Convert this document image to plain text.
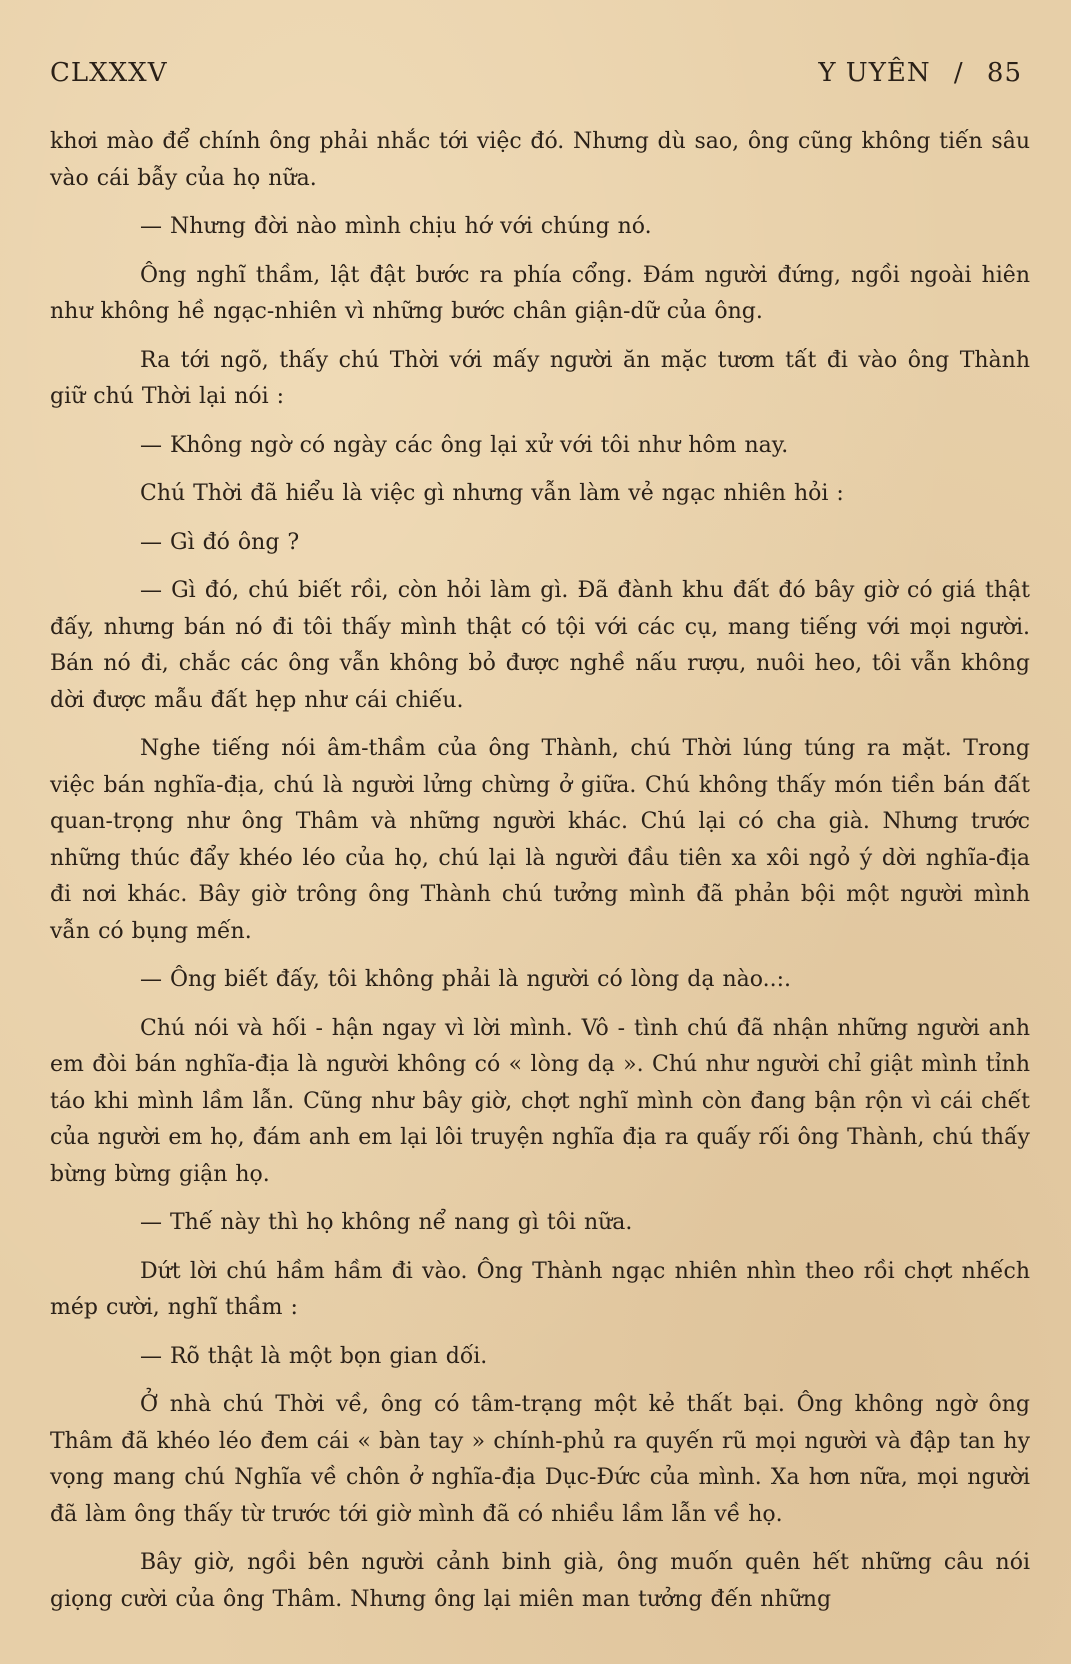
CLXXXV	Y UYÊN / 85

khơi mào để chính ông phải nhắc tới việc đó. Nhưng dù sao, ông cũng không tiến sâu vào cái bẫy của họ nữa.

— Nhưng đời nào mình chịu hớ với chúng nó.

Ông nghĩ thầm, lật đật bước ra phía cổng. Đám người đứng, ngồi ngoài hiên như không hề ngạc-nhiên vì những bước chân giận-dữ của ông.

Ra tới ngõ, thấy chú Thời với mấy người ăn mặc tươm tất đi vào ông Thành giữ chú Thời lại nói :

— Không ngờ có ngày các ông lại xử với tôi như hôm nay.

Chú Thời đã hiểu là việc gì nhưng vẫn làm vẻ ngạc nhiên hỏi :

— Gì đó ông ?

— Gì đó, chú biết rồi, còn hỏi làm gì. Đã đành khu đất đó bây giờ có giá thật đấy, nhưng bán nó đi tôi thấy mình thật có tội với các cụ, mang tiếng với mọi người. Bán nó đi, chắc các ông vẫn không bỏ được nghề nấu rượu, nuôi heo, tôi vẫn không dời được mẫu đất hẹp như cái chiếu.

Nghe tiếng nói âm-thầm của ông Thành, chú Thời lúng túng ra mặt. Trong việc bán nghĩa-địa, chú là người lửng chừng ở giữa. Chú không thấy món tiền bán đất quan-trọng như ông Thâm và những người khác. Chú lại có cha già. Nhưng trước những thúc đẩy khéo léo của họ, chú lại là người đầu tiên xa xôi ngỏ ý dời nghĩa-địa đi nơi khác. Bây giờ trông ông Thành chú tưởng mình đã phản bội một người mình vẫn có bụng mến.

— Ông biết đấy, tôi không phải là người có lòng dạ nào..:.

Chú nói và hối - hận ngay vì lời mình. Vô - tình chú đã nhận những người anh em đòi bán nghĩa-địa là người không có « lòng dạ ». Chú như người chỉ giật mình tỉnh táo khi mình lầm lẫn. Cũng như bây giờ, chợt nghĩ mình còn đang bận rộn vì cái chết của người em họ, đám anh em lại lôi truyện nghĩa địa ra quấy rối ông Thành, chú thấy bừng bừng giận họ.

— Thế này thì họ không nể nang gì tôi nữa.

Dứt lời chú hầm hầm đi vào. Ông Thành ngạc nhiên nhìn theo rồi chợt nhếch mép cười, nghĩ thầm :

— Rõ thật là một bọn gian dối.

Ở nhà chú Thời về, ông có tâm-trạng một kẻ thất bại. Ông không ngờ ông Thâm đã khéo léo đem cái « bàn tay » chính-phủ ra quyến rũ mọi người và đập tan hy vọng mang chú Nghĩa về chôn ở nghĩa-địa Dục-Đức của mình. Xa hơn nữa, mọi người đã làm ông thấy từ trước tới giờ mình đã có nhiều lầm lẫn về họ.

Bây giờ, ngồi bên người cảnh binh già, ông muốn quên hết những câu nói giọng cười của ông Thâm. Nhưng ông lại miên man tưởng đến những
